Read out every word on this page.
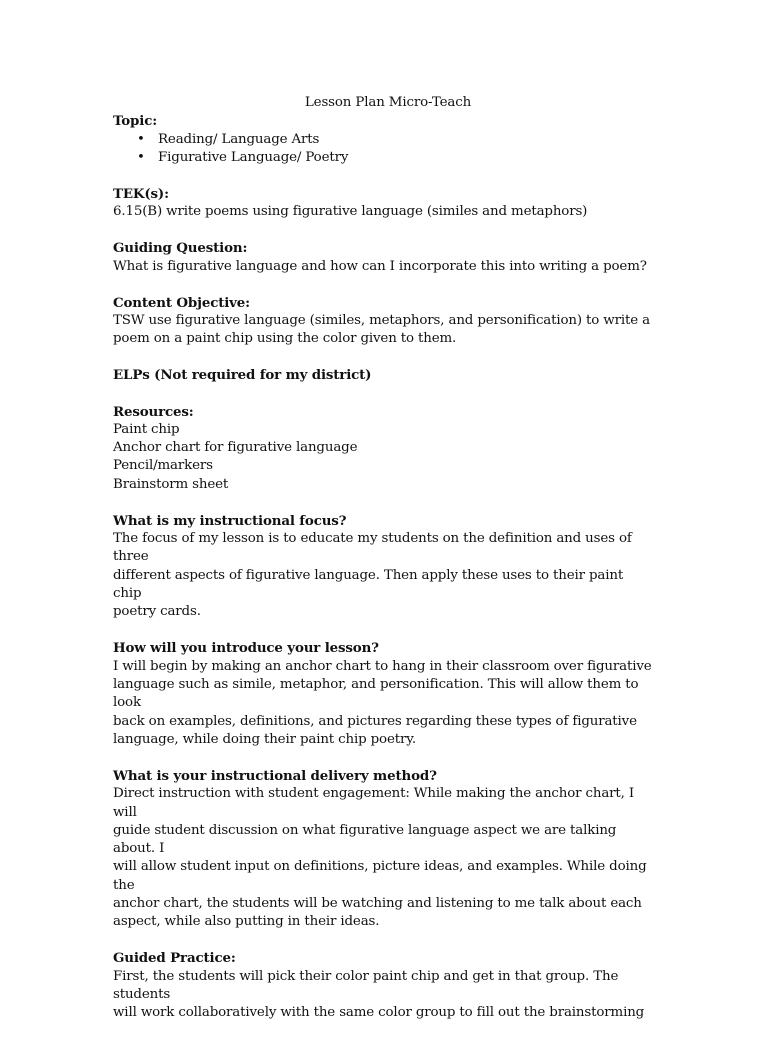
Lesson Plan Micro-Teach

Topic:

• Reading/ Language Arts
• Figurative Language/ Poetry

TEK(s):

6.15(B) write poems using figurative language (similes and metaphors)

Guiding Question:

What is figurative language and how can I incorporate this into writing a poem?

Content Objective:

TSW use figurative language (similes, metaphors, and personification) to write a

poem on a paint chip using the color given to them.

ELPs (Not required for my district)

Resources:

Paint chip

Anchor chart for figurative language

Pencil/markers

Brainstorm sheet

What is my instructional focus?

The focus of my lesson is to educate my students on the definition and uses of three

different aspects of figurative language. Then apply these uses to their paint chip

poetry cards.

How will you introduce your lesson?

I will begin by making an anchor chart to hang in their classroom over figurative

language such as simile, metaphor, and personification. This will allow them to look

back on examples, definitions, and pictures regarding these types of figurative

language, while doing their paint chip poetry.

What is your instructional delivery method?

Direct instruction with student engagement: While making the anchor chart, I will

guide student discussion on what figurative language aspect we are talking about. I

will allow student input on definitions, picture ideas, and examples. While doing the

anchor chart, the students will be watching and listening to me talk about each

aspect, while also putting in their ideas.

Guided Practice:

First, the students will pick their color paint chip and get in that group. The students

will work collaboratively with the same color group to fill out the brainstorming
